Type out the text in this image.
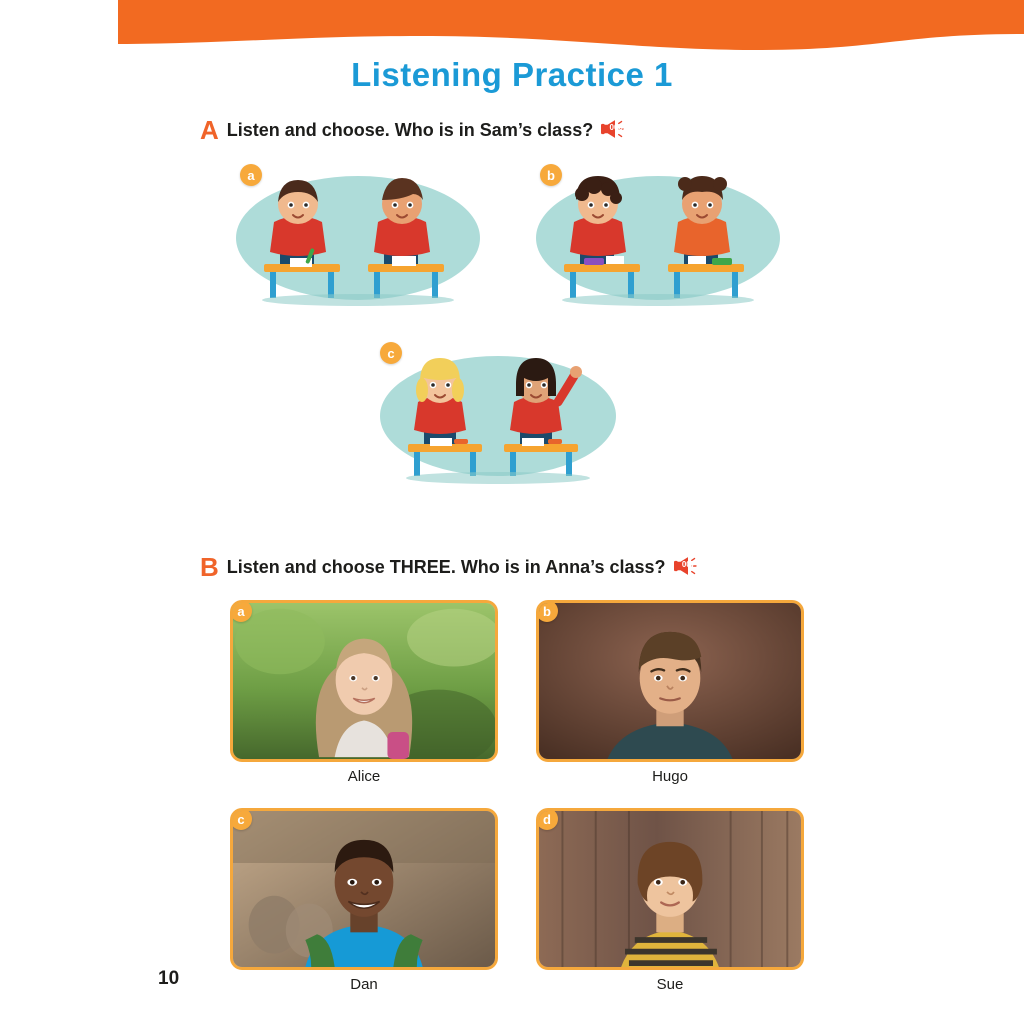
Listening Practice 1
A Listen and choose. Who is in Sam’s class?
Track
006
a	b
c
B Listen and choose THREE. Who is in Anna’s class?
Track
007
a
Alice
b
Hugo
c
Dan
d
Sue
10
